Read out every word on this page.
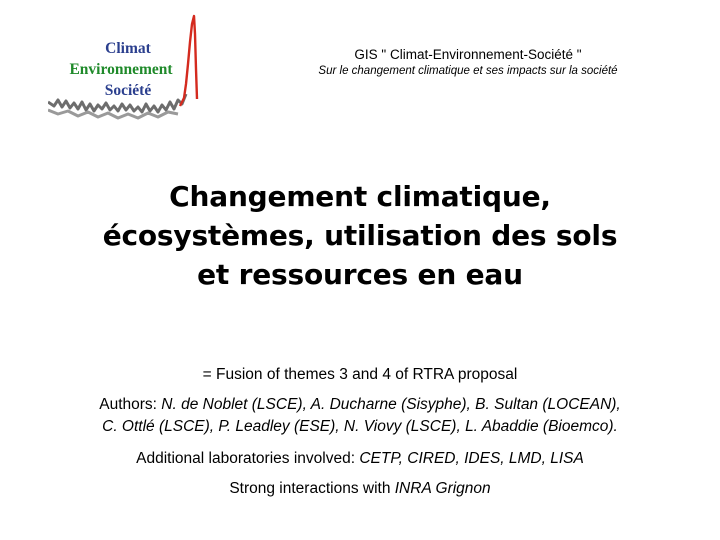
Climat
Environnement
Société
GIS " Climat-Environnement-Société "
Sur le changement climatique et ses impacts sur la société
Changement climatique,
écosystèmes, utilisation des sols
et ressources en eau

= Fusion of themes 3 and 4 of RTRA proposal

Authors: N. de Noblet (LSCE), A. Ducharne (Sisyphe), B. Sultan (LOCEAN),
C. Ottlé (LSCE), P. Leadley (ESE), N. Viovy (LSCE), L. Abaddie (Bioemco).

Additional laboratories involved: CETP, CIRED, IDES, LMD, LISA

Strong interactions with INRA Grignon
